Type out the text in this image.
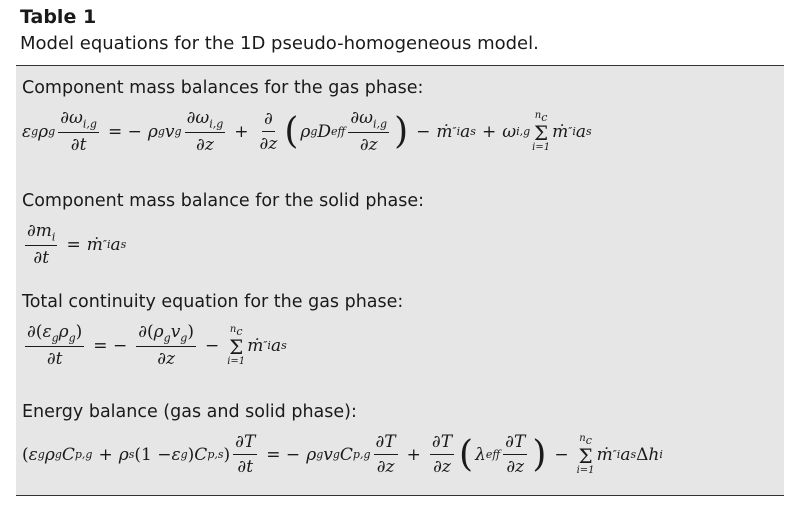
Table 1
Model equations for the 1D pseudo-homogeneous model.
Component mass balances for the gas phase:
ε g ρ g $\frac{\partial\omega_{i,g}}{\partial t}$ = − ρ g v g $\frac{\partial\omega_{i,g}}{\partial z} + \frac{\partial}{\partial z}$ ( ρ g D eff $\frac{\partial\omega_{i,g}}{\partial z}$ ) − ṁ ″ i a s + ω i,g
$n_c$
Σ
i=1
ṁ ″ i a s
Component mass balance for the solid phase:
$\frac{\partial m_i}{\partial t}$ = ṁ ″ i a s
Total continuity equation for the gas phase:
$\frac{\partial(\varepsilon_g\rho_g)}{\partial t}$ = − $\frac{\partial(\rho_gv_g)}{\partial z}$ −
$n_c$
Σ
i=1
ṁ ″ i a s
Energy balance (gas and solid phase):
( ε g ρ g C p,g + ρ s (1 − ε g ) C p,s ) $\frac{\partial T}{\partial t}$ = − ρ g v g C $p,g \frac{\partial T}{\partial z} + \frac{\partial T}{\partial z}$ ( λ eff $\frac{\partial T}{\partial z}$ ) −
$n_c$
Σ
i=1
ṁ ″ i a s Δ h i
